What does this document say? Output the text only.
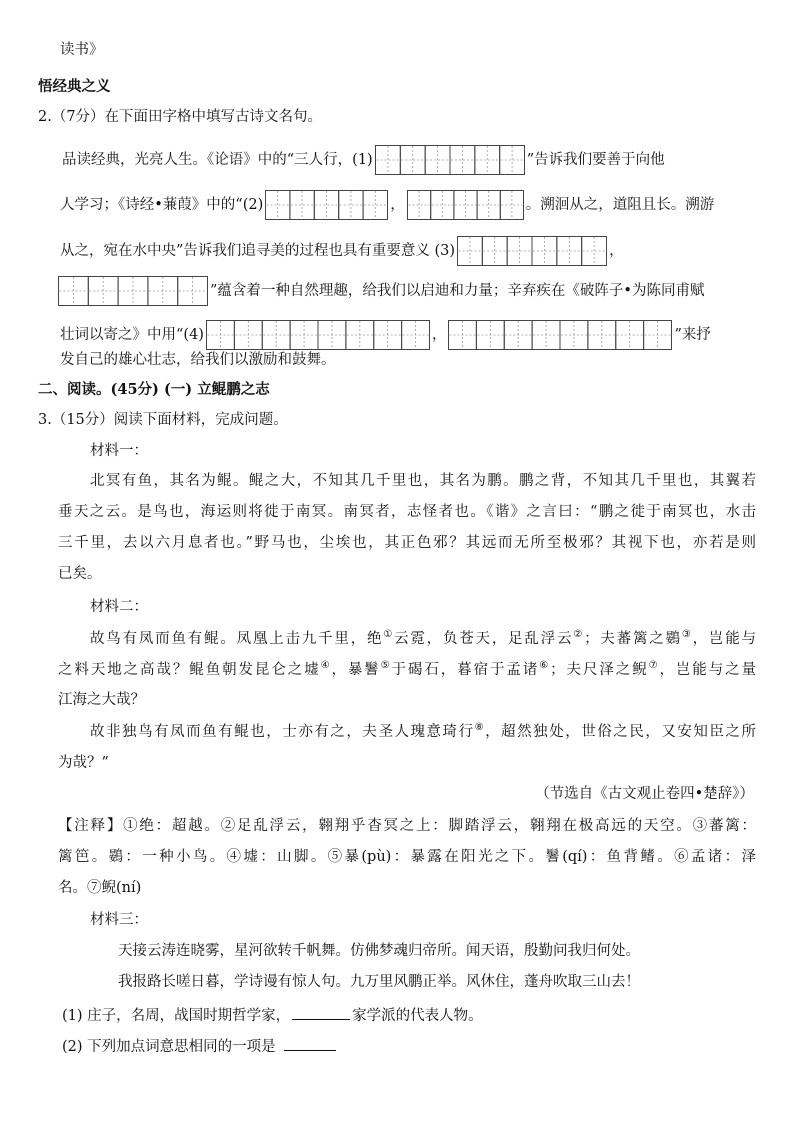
读书》
悟经典之义
2.（7分）在下面田字格中填写古诗文名句。
品读经典，光亮人生。《论语》中的“三人行，(1)	”告诉我们要善于向他
人学习；《诗经•蒹葭》中的“(2)	，	。溯洄从之，道阻且长。溯游
从之，宛在水中央”告诉我们追寻美的过程也具有重要意义 (3)	，
”蕴含着一种自然理趣，给我们以启迪和力量；辛弃疾在《破阵子•为陈同甫赋
壮词以寄之》中用“(4)	，	”来抒
发自己的雄心壮志，给我们以激励和鼓舞。
二、阅读。(45分) (一) 立鲲鹏之志
3.（15分）阅读下面材料，完成问题。
材料一：
北冥有鱼，其名为鲲。鲲之大，不知其几千里也，其名为鹏。鹏之背，不知其几千里也，其翼若
垂天之云。是鸟也，海运则将徙于南冥。南冥者，志怪者也。《谐》之言曰：“鹏之徙于南冥也，水击
三千里，去以六月息者也。”野马也，尘埃也，其正色邪？其远而无所至极邪？其视下也，亦若是则
已矣。
材料二：
故鸟有凤而鱼有鲲。凤凰上击九千里，绝①云霓，负苍天，足乱浮云②；夫蕃篱之鷃③，岂能与
之料天地之高哉？鲲鱼朝发昆仑之墟④，暴鬐⑤于碣石，暮宿于孟诸⑥；夫尺泽之鲵⑦，岂能与之量
江海之大哉？
故非独鸟有凤而鱼有鲲也，士亦有之，夫圣人瑰意琦行⑧，超然独处，世俗之民，又安知臣之所
为哉？”
（节选自《古文观止卷四•楚辞》）
【注释】①绝：超越。②足乱浮云，翱翔乎杳冥之上：脚踏浮云，翱翔在极高远的天空。③蕃篱：
篱笆。鷃：一种小鸟。④墟：山脚。⑤暴(pù)：暴露在阳光之下。鬐(qí)：鱼背鳍。⑥孟诸：泽
名。⑦鲵(ní)
材料三：
天接云涛连晓雾，星河欲转千帆舞。仿佛梦魂归帝所。闻天语，殷勤问我归何处。
我报路长嗟日暮，学诗谩有惊人句。九万里风鹏正举。风休住，蓬舟吹取三山去！
(1) 庄子，名周，战国时期哲学家，	家学派的代表人物。
(2) 下列加点词意思相同的一项是
